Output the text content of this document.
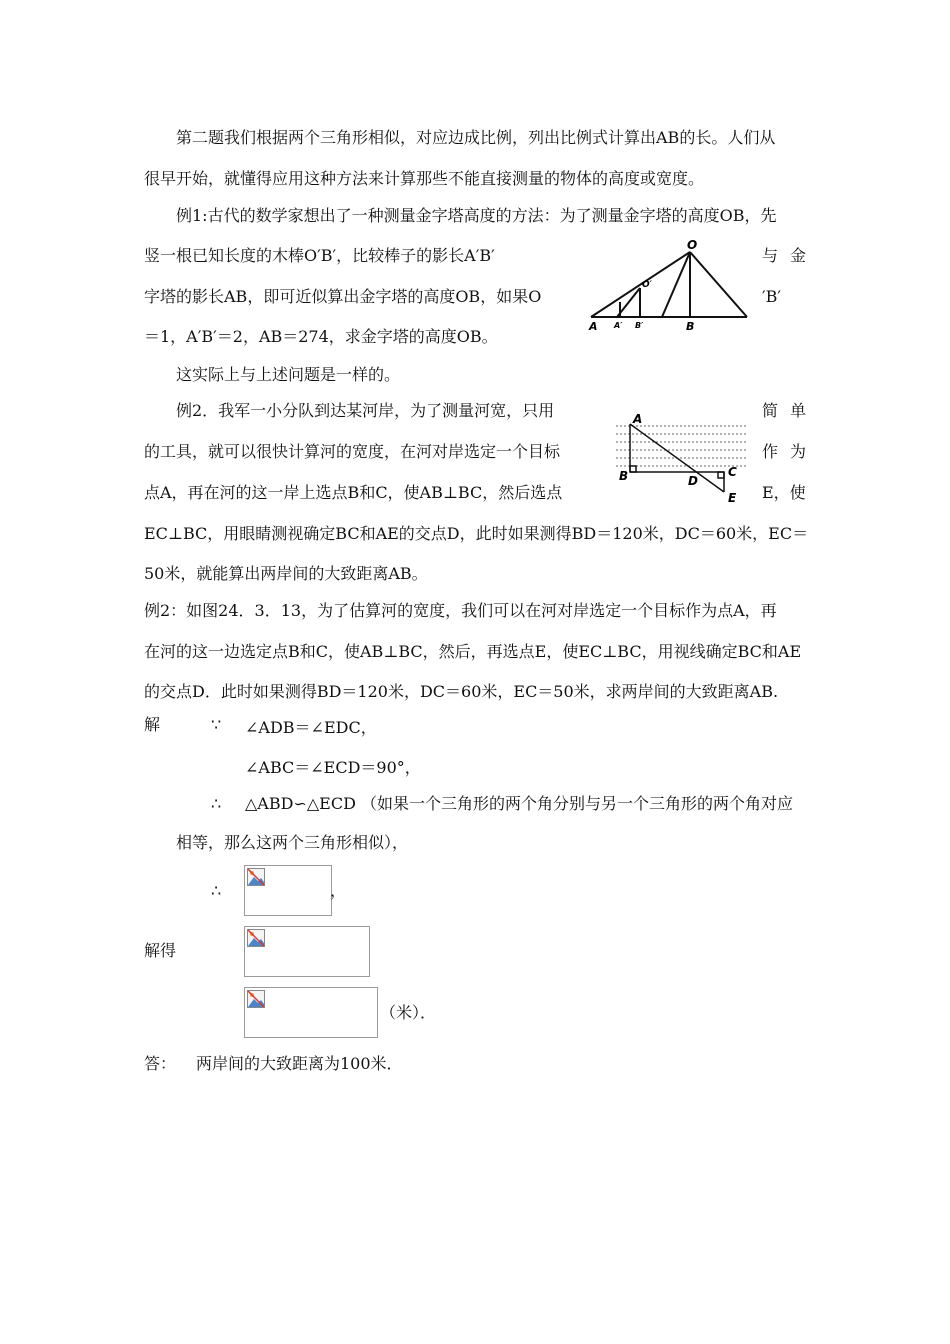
第二题我们根据两个三角形相似，对应边成比例，列出比例式计算出AB的长。人们从
很早开始，就懂得应用这种方法来计算那些不能直接测量的物体的高度或宽度。
例1:古代的数学家想出了一种测量金字塔高度的方法：为了测量金字塔的高度OB，先
竖一根已知长度的木棒O′B′，比较棒子的影长A′B′	与 金
字塔的影长AB，即可近似算出金字塔的高度OB，如果O	′B′
＝1，A′B′＝2，AB＝274，求金字塔的高度OB。
O
O′
A A′ B′	B
这实际上与上述问题是一样的。
例2．我军一小分队到达某河岸，为了测量河宽，只用	简 单
的工具，就可以很快计算河的宽度，在河对岸选定一个目标	作 为
点A，再在河的这一岸上选点B和C，使AB⊥BC，然后选点	E，使
EC⊥BC，用眼睛测视确定BC和AE的交点D，此时如果测得BD＝120米，DC＝60米，EC＝
50米，就能算出两岸间的大致距离AB。
A
B	C
D
E
例2：如图24．3．13，为了估算河的宽度，我们可以在河对岸选定一个目标作为点A，再
在河的这一边选定点B和C，使AB⊥BC，然后，再选点E，使EC⊥BC，用视线确定BC和AE
的交点D．此时如果测得BD＝120米，DC＝60米，EC＝50米，求两岸间的大致距离AB.
解	∵ ∠ADB＝∠EDC，
∠ABC＝∠ECD＝90°，
∴ △ABD∽△ECD （如果一个三角形的两个角分别与另一个三角形的两个角对应
相等，那么这两个三角形相似），
∴	，
解得
（米）．
答： 两岸间的大致距离为100米．
